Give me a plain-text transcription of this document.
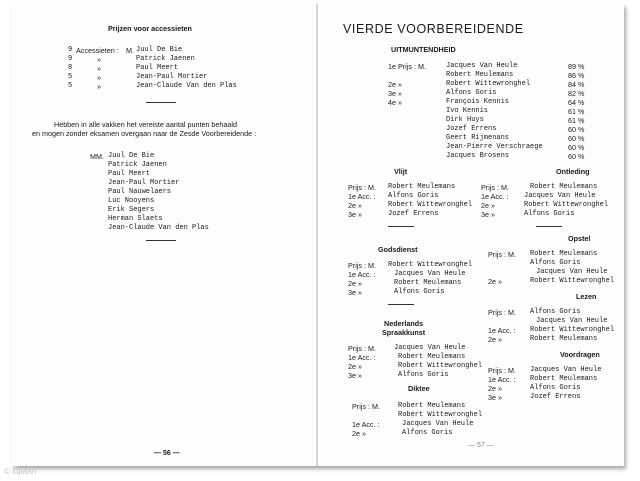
Prijzen voor accessieten
9 Accessieten : M. Juul De Bie
9	»	Patrick Jaenen
8	»	Paul Meert
5	»	Jean-Paul Mortier
5	»	Jean-Claude Van den Plas
Hebben in alle vakken het vereiste aantal punten behaald
en mogen zonder eksamen overgaan naar de Zesde Voorbereidende :
MM. Juul De Bie
Patrick Jaenen
Paul Meert
Jean-Paul Mortier
Paul Nauwelaers
Luc Nooyens
Erik Segers
Herman Slaets
Jean-Claude Van den Plas
— 56 —
VIERDE VOORBEREIDENDE
UITMUNTENDHEID
1e Prijs : M.	Jacques Van Heule	89 %
Robert Meulemans	86 %
2e »	Robert Wittewronghel	84 %
3e »	Alfons Goris	82 %
4e »	François Kennis	64 %
Ivo Kennis	61 %
Dirk Huys	61 %
Jozef Errens	60 %
Geert Rijmenans	60 %
Jean-Pierre Verschraege	60 %
Jacques Brosens	60 %
Vlijt
Prijs : M. Robert Meulemans
1e Acc. : Alfons Goris
2e »	Robert Wittewronghel
3e »	Jozef Errens
Ontleding
Prijs : M.	Robert Meulemans
1e Acc. : Jacques Van Heule
2e »	Robert Wittewronghel
3e »	Alfons Goris
Godsdienst
Prijs : M. Robert Wittewronghel
1e Acc. :	Jacques Van Heule
2e »	Robert Meulemans
3e »	Alfons Goris
Opstel
Prijs : M. Robert Meulemans
Alfons Goris
Jacques Van Heule
2e »	Robert Wittewronghel
Lezen
Prijs : M. Alfons Goris
Jacques Van Heule
1e Acc. : Robert Wittewronghel
2e »	Robert Meulemans
Nederlands
Spraakkunst
Prijs : M.	Jacques Van Heule
1e Acc. :	Robert Meulemans
2e »	Robert Wittewronghel
3e »	Alfons Goris
Voordragen
Prijs : M. Jacques Van Heule
1e Acc. : Robert Meulemans
2e »	Alfons Goris
3e »	Jozef Errens
Diktee
Prijs : M.	Robert Meulemans
Robert Wittewronghel
1e Acc. :	Jacques Van Heule
2e »	Alfons Goris
— 57 —
© lupaan
